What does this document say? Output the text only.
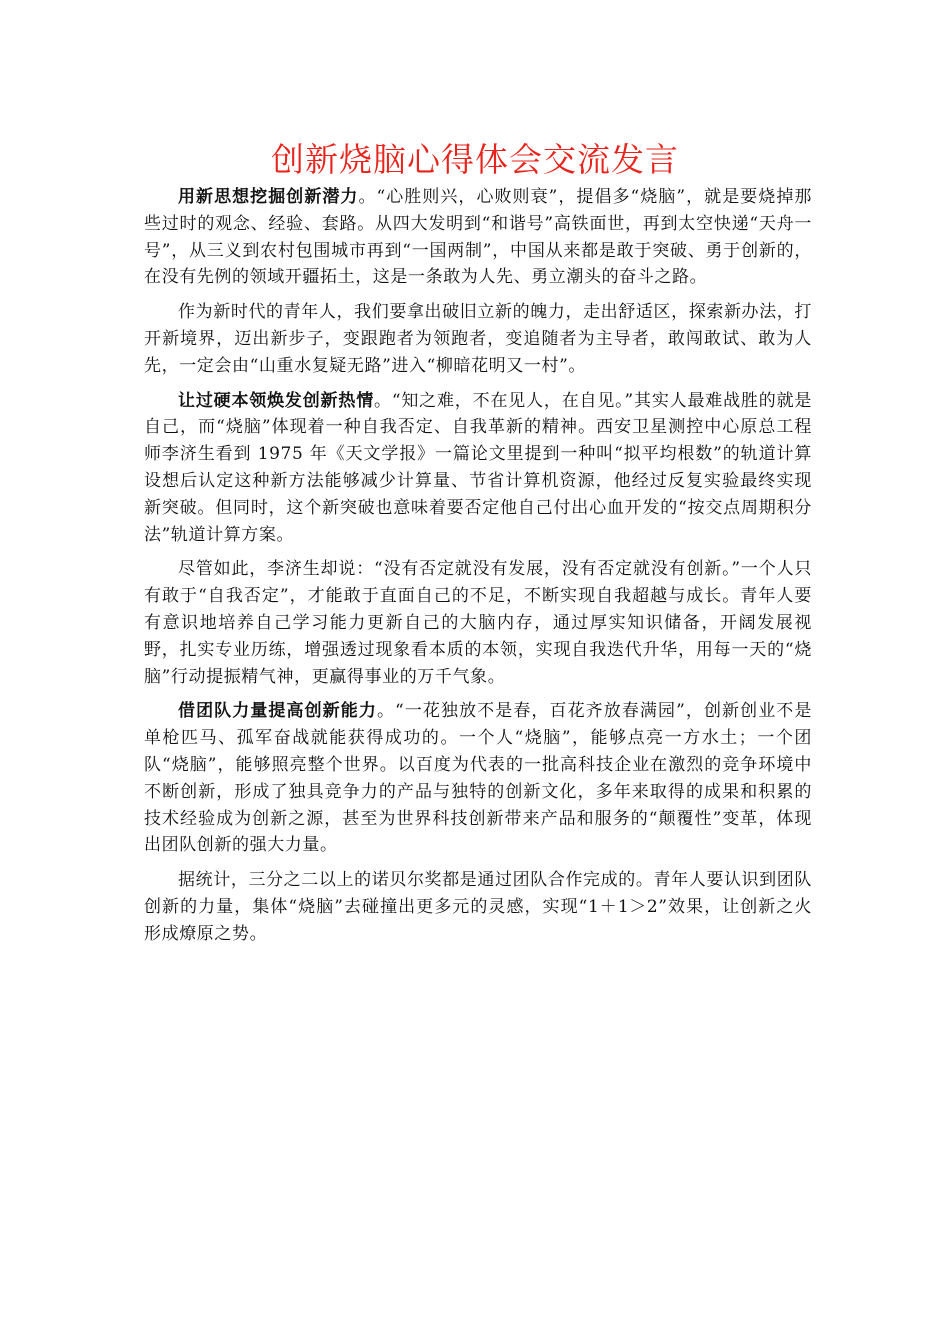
创新烧脑心得体会交流发言

用新思想挖掘创新潜力。“心胜则兴，心败则衰”，提倡多“烧脑”，就是要烧掉那些过时的观念、经验、套路。从四大发明到“和谐号”高铁面世，再到太空快递“天舟一号”，从三义到农村包围城市再到“一国两制”，中国从来都是敢于突破、勇于创新的，在没有先例的领域开疆拓土，这是一条敢为人先、勇立潮头的奋斗之路。

作为新时代的青年人，我们要拿出破旧立新的魄力，走出舒适区，探索新办法，打开新境界，迈出新步子，变跟跑者为领跑者，变追随者为主导者，敢闯敢试、敢为人先，一定会由“山重水复疑无路”进入“柳暗花明又一村”。

让过硬本领焕发创新热情。“知之难，不在见人，在自见。”其实人最难战胜的就是自己，而“烧脑”体现着一种自我否定、自我革新的精神。西安卫星测控中心原总工程师李济生看到 1975 年《天文学报》一篇论文里提到一种叫“拟平均根数”的轨道计算设想后认定这种新方法能够减少计算量、节省计算机资源，他经过反复实验最终实现新突破。但同时，这个新突破也意味着要否定他自己付出心血开发的“按交点周期积分法”轨道计算方案。

尽管如此，李济生却说：“没有否定就没有发展，没有否定就没有创新。”一个人只有敢于“自我否定”，才能敢于直面自己的不足，不断实现自我超越与成长。青年人要有意识地培养自己学习能力更新自己的大脑内存，通过厚实知识储备，开阔发展视野，扎实专业历练，增强透过现象看本质的本领，实现自我迭代升华，用每一天的“烧脑”行动提振精气神，更赢得事业的万千气象。

借团队力量提高创新能力。“一花独放不是春，百花齐放春满园”，创新创业不是单枪匹马、孤军奋战就能获得成功的。一个人“烧脑”，能够点亮一方水土；一个团队“烧脑”，能够照亮整个世界。以百度为代表的一批高科技企业在激烈的竞争环境中不断创新，形成了独具竞争力的产品与独特的创新文化，多年来取得的成果和积累的技术经验成为创新之源，甚至为世界科技创新带来产品和服务的“颠覆性”变革，体现出团队创新的强大力量。

据统计，三分之二以上的诺贝尔奖都是通过团队合作完成的。青年人要认识到团队创新的力量，集体“烧脑”去碰撞出更多元的灵感，实现“1＋1＞2”效果，让创新之火形成燎原之势。
